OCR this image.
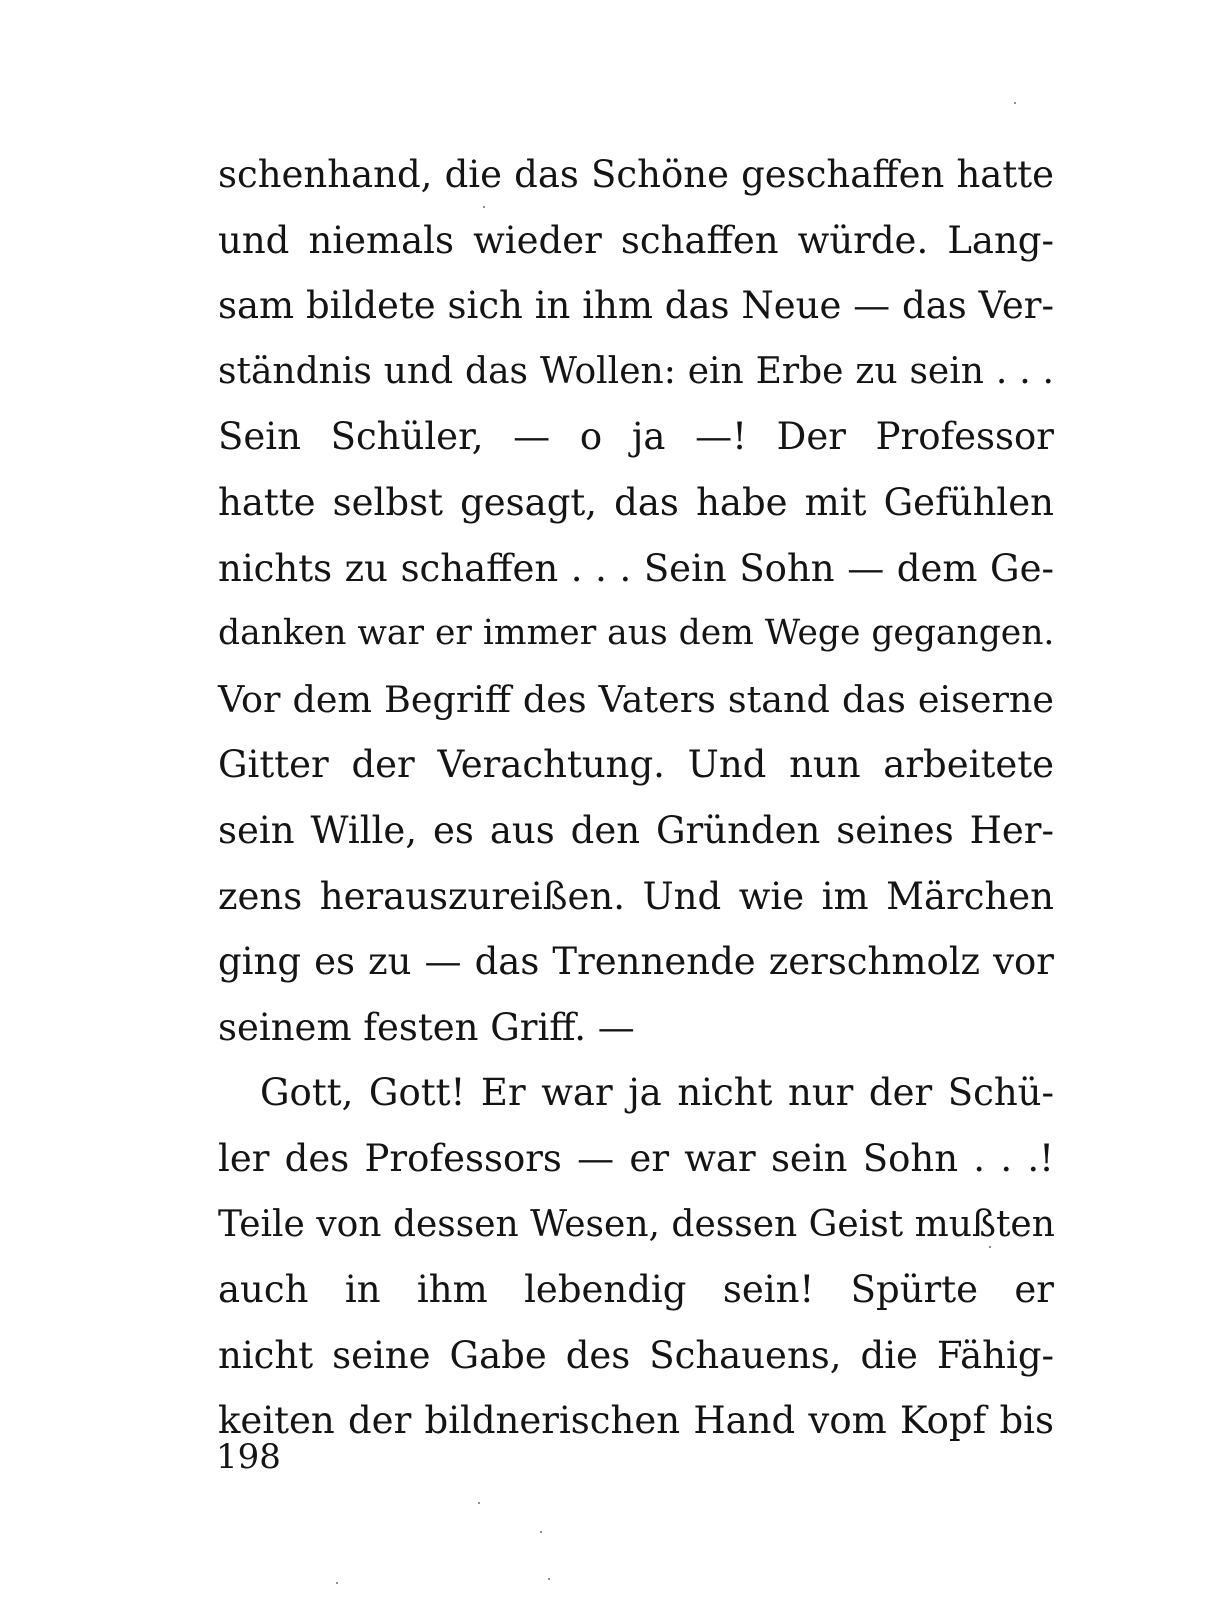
schenhand, die das Schöne geschaffen hatte
und niemals wieder schaffen würde. Lang-
sam bildete sich in ihm das Neue — das Ver-
ständnis und das Wollen: ein Erbe zu sein . . .
Sein Schüler, — o ja —! Der Professor
hatte selbst gesagt, das habe mit Gefühlen
nichts zu schaffen . . . Sein Sohn — dem Ge-
danken war er immer aus dem Wege gegangen.
Vor dem Begriff des Vaters stand das eiserne
Gitter der Verachtung. Und nun arbeitete
sein Wille, es aus den Gründen seines Her-
zens herauszureißen. Und wie im Märchen
ging es zu — das Trennende zerschmolz vor
seinem festen Griff. —
Gott, Gott! Er war ja nicht nur der Schü-
ler des Professors — er war sein Sohn . . .!
Teile von dessen Wesen, dessen Geist mußten
auch in ihm lebendig sein! Spürte er
nicht seine Gabe des Schauens, die Fähig-
keiten der bildnerischen Hand vom Kopf bis
198
